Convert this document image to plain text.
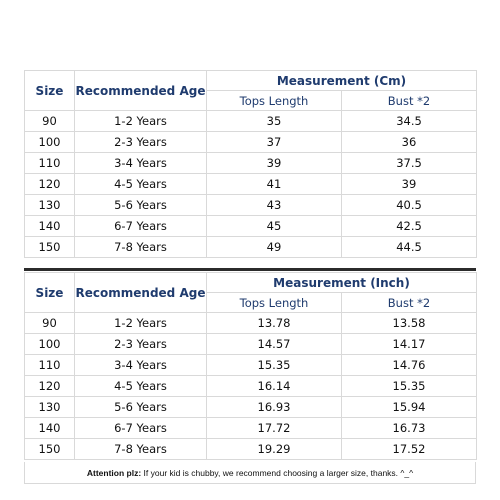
Size	Recommended Age	Measurement (Cm)	
		Tops Length	Bust *2
90	1-2 Years	35	34.5
100	2-3 Years	37	36
110	3-4 Years	39	37.5
120	4-5 Years	41	39
130	5-6 Years	43	40.5
140	6-7 Years	45	42.5
150	7-8 Years	49	44.5
Size	Recommended Age	Measurement (Inch)	
		Tops Length	Bust *2
90	1-2 Years	13.78	13.58
100	2-3 Years	14.57	14.17
110	3-4 Years	15.35	14.76
120	4-5 Years	16.14	15.35
130	5-6 Years	16.93	15.94
140	6-7 Years	17.72	16.73
150	7-8 Years	19.29	17.52
Attention plz: If your kid is chubby, we recommend choosing a larger size, thanks. ^_^
